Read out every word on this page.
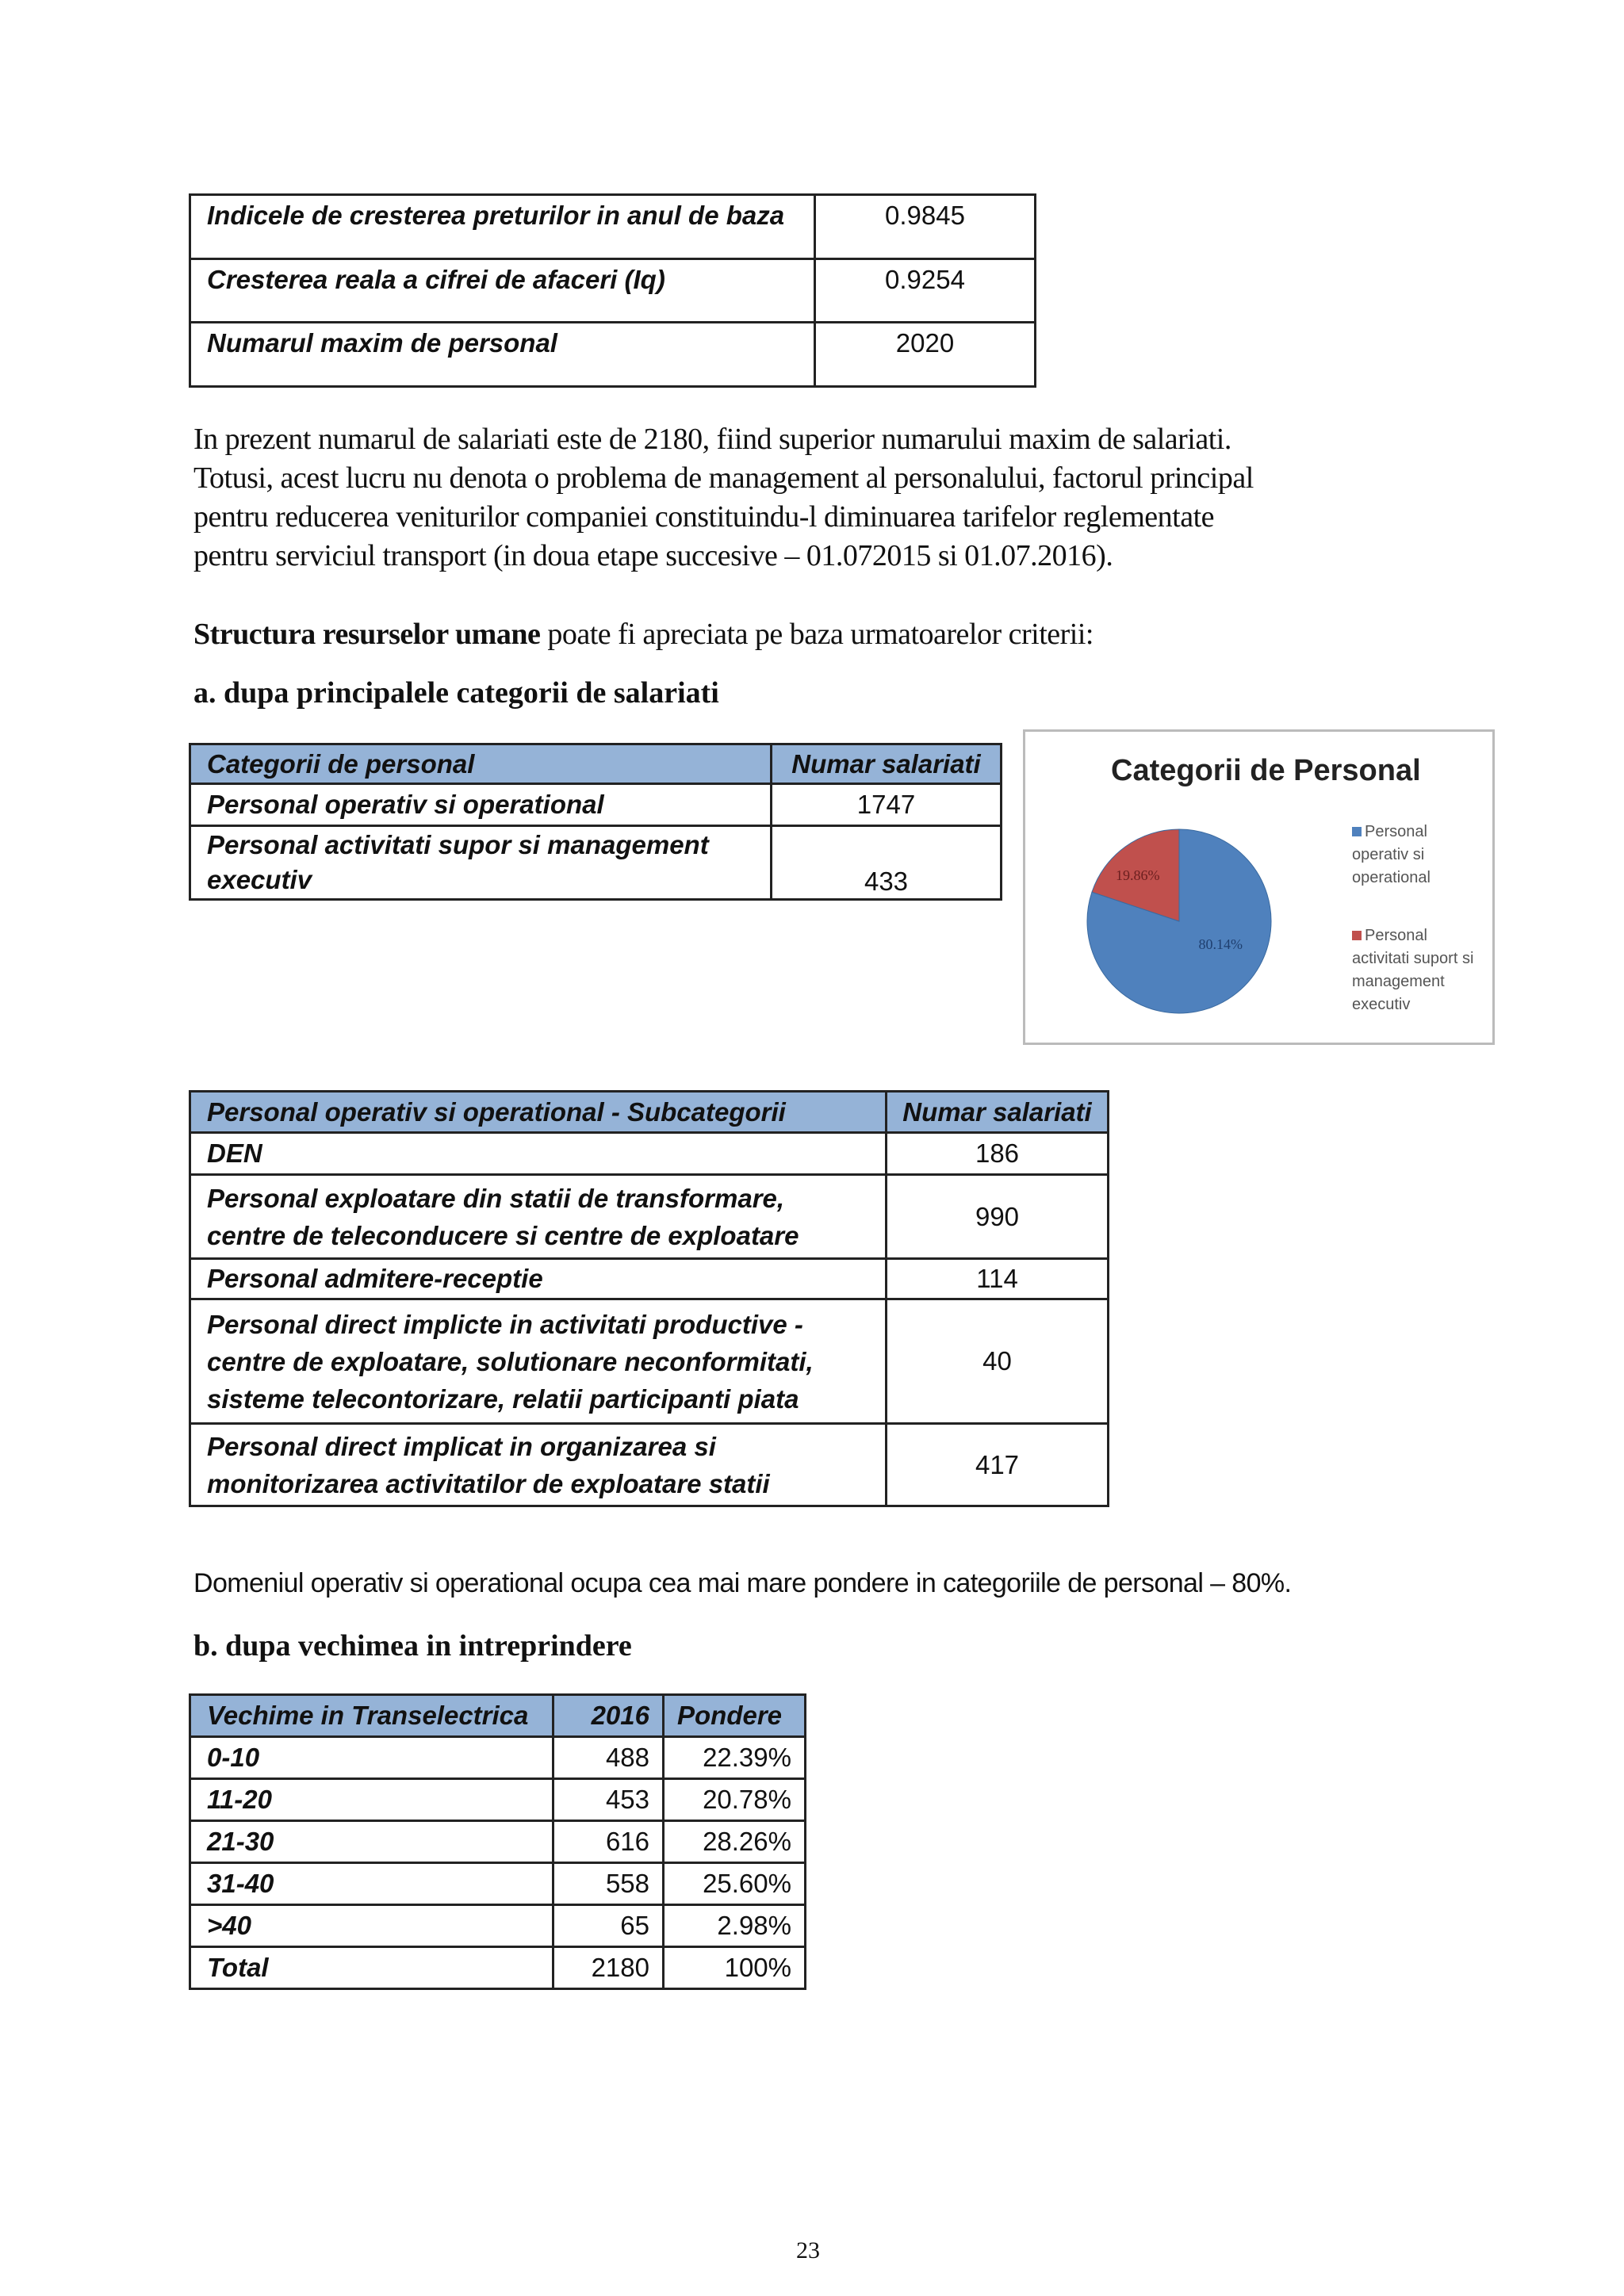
Indicele de cresterea preturilor in anul de baza	0.9845
Cresterea reala a cifrei de afaceri (Iq)	0.9254
Numarul maxim de personal	2020
In prezent numarul de salariati este de 2180, fiind superior numarului maxim de salariati.
Totusi, acest lucru nu denota o problema de management al personalului, factorul principal
pentru reducerea veniturilor companiei constituindu-l diminuarea tarifelor reglementate
pentru serviciul transport (in doua etape succesive – 01.072015 si 01.07.2016).
Structura resurselor umane poate fi apreciata pe baza urmatoarelor criterii:
a. dupa principalele categorii de salariati
Categorii de personal	Numar salariati
Personal operativ si operational	1747
Personal activitati supor si management executiv	433
Categorii de Personal
80.14%
19.86%
Personal operativ si operational
Personal activitati suport si management executiv
Personal operativ si operational - Subcategorii	Numar salariati
DEN	186
Personal exploatare din statii de transformare, centre de teleconducere si centre de exploatare	990
Personal admitere-receptie	114
Personal direct implicte in activitati productive - centre de exploatare, solutionare neconformitati, sisteme telecontorizare, relatii participanti piata	40
Personal direct implicat in organizarea si monitorizarea activitatilor de exploatare statii	417
Domeniul operativ si operational ocupa cea mai mare pondere in categoriile de personal – 80%.
b. dupa vechimea in intreprindere
Vechime in Transelectrica	2016	Pondere
0-10	488	22.39%
11-20	453	20.78%
21-30	616	28.26%
31-40	558	25.60%
>40	65	2.98%
Total	2180	100%
23
